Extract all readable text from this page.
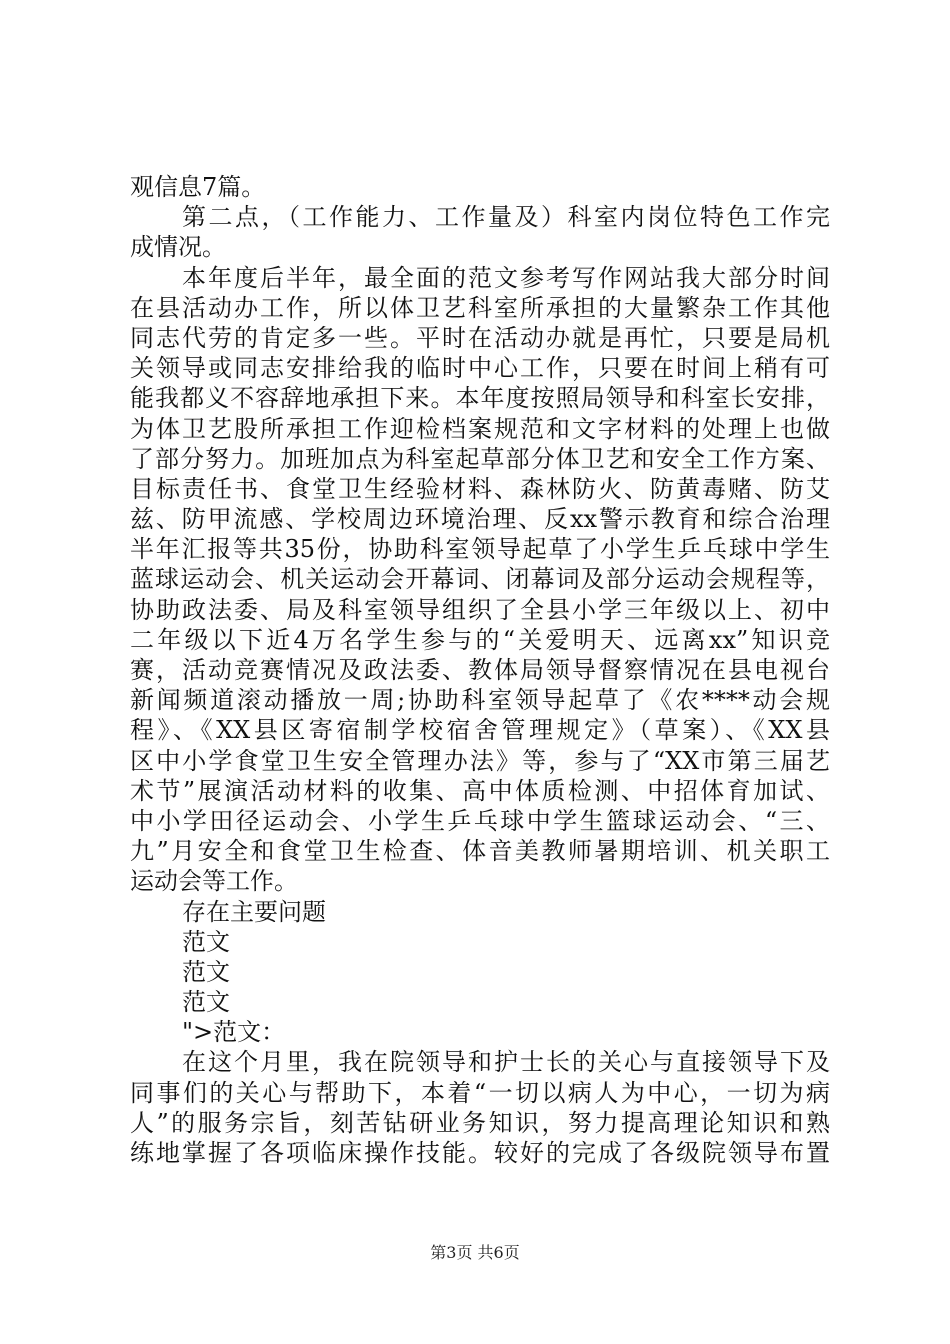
观信息7篇。
第二点，（工作能力、工作量及）科室内岗位特色工作完
成情况。
本年度后半年，最全面的范文参考写作网站我大部分时间
在县活动办工作，所以体卫艺科室所承担的大量繁杂工作其他
同志代劳的肯定多一些。平时在活动办就是再忙，只要是局机
关领导或同志安排给我的临时中心工作，只要在时间上稍有可
能我都义不容辞地承担下来。本年度按照局领导和科室长安排，
为体卫艺股所承担工作迎检档案规范和文字材料的处理上也做
了部分努力。加班加点为科室起草部分体卫艺和安全工作方案、
目标责任书、食堂卫生经验材料、森林防火、防黄毒赌、防艾
兹、防甲流感、学校周边环境治理、反xx警示教育和综合治理
半年汇报等共35份，协助科室领导起草了小学生乒乓球中学生
蓝球运动会、机关运动会开幕词、闭幕词及部分运动会规程等，
协助政法委、局及科室领导组织了全县小学三年级以上、初中
二年级以下近4万名学生参与的“关爱明天、远离xx”知识竞
赛，活动竞赛情况及政法委、教体局领导督察情况在县电视台
新闻频道滚动播放一周;协助科室领导起草了《农****动会规
程》、《XX县区寄宿制学校宿舍管理规定》（草案）、《XX县
区中小学食堂卫生安全管理办法》等，参与了“XX市第三届艺
术节”展演活动材料的收集、高中体质检测、中招体育加试、
中小学田径运动会、小学生乒乓球中学生篮球运动会、“三、
九”月安全和食堂卫生检查、体音美教师暑期培训、机关职工
运动会等工作。
存在主要问题
范文
范文
范文
">范文：
在这个月里，我在院领导和护士长的关心与直接领导下及
同事们的关心与帮助下，本着“一切以病人为中心，一切为病
人”的服务宗旨，刻苦钻研业务知识，努力提高理论知识和熟
练地掌握了各项临床操作技能。较好的完成了各级院领导布置
第3页 共6页
